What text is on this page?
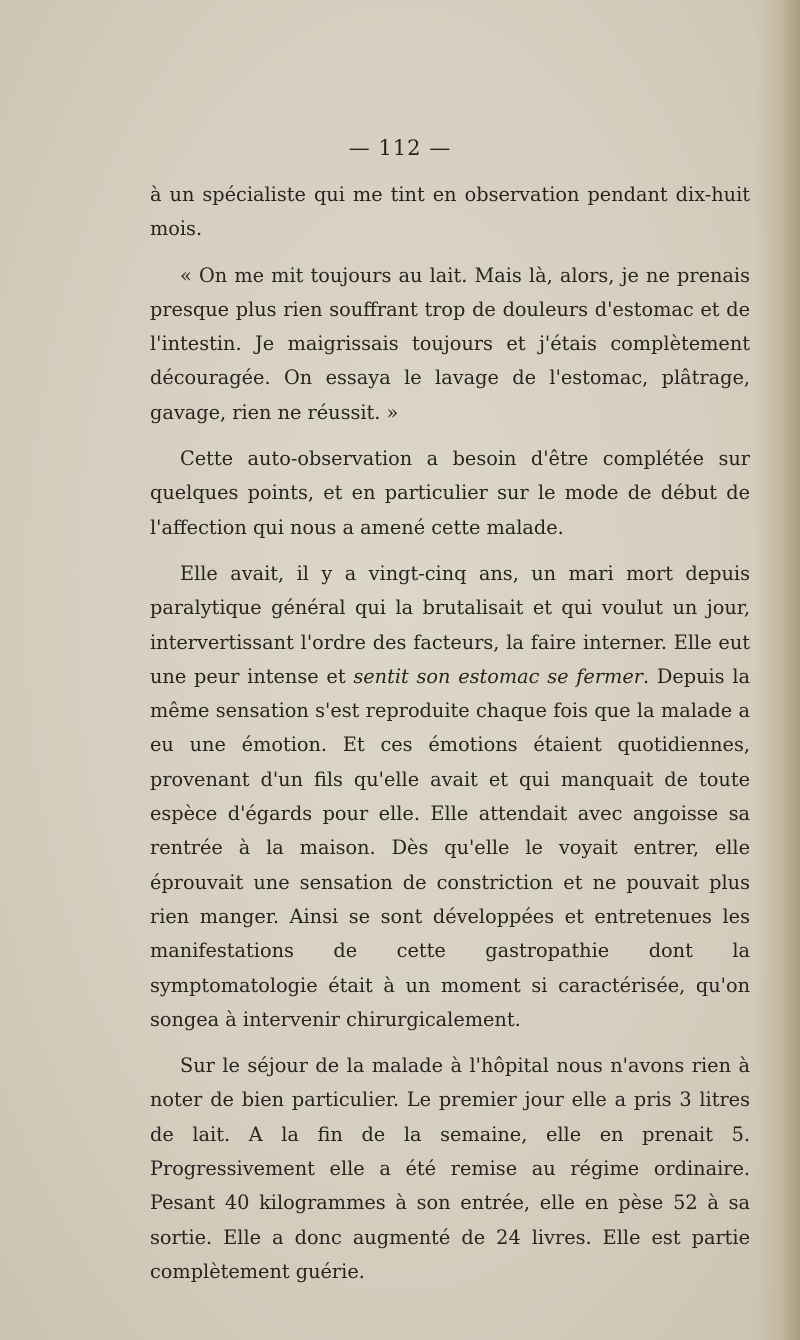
— 112 —

à un spécialiste qui me tint en observation pendant dix-huit mois.

« On me mit toujours au lait. Mais là, alors, je ne prenais presque plus rien souffrant trop de douleurs d'estomac et de l'intestin. Je maigrissais toujours et j'étais complètement découragée. On essaya le lavage de l'estomac, plâtrage, gavage, rien ne réussit. »

Cette auto-observation a besoin d'être complétée sur quelques points, et en particulier sur le mode de début de l'affection qui nous a amené cette malade.

Elle avait, il y a vingt-cinq ans, un mari mort depuis paralytique général qui la brutalisait et qui voulut un jour, intervertissant l'ordre des facteurs, la faire interner. Elle eut une peur intense et sentit son estomac se fermer. Depuis la même sensation s'est reproduite chaque fois que la malade a eu une émotion. Et ces émotions étaient quotidiennes, provenant d'un fils qu'elle avait et qui manquait de toute espèce d'égards pour elle. Elle attendait avec angoisse sa rentrée à la maison. Dès qu'elle le voyait entrer, elle éprouvait une sensation de constriction et ne pouvait plus rien manger. Ainsi se sont développées et entretenues les manifestations de cette gastropathie dont la symptomatologie était à un moment si caractérisée, qu'on songea à intervenir chirurgicalement.

Sur le séjour de la malade à l'hôpital nous n'avons rien à noter de bien particulier. Le premier jour elle a pris 3 litres de lait. A la fin de la semaine, elle en prenait 5. Progressivement elle a été remise au régime ordinaire. Pesant 40 kilogrammes à son entrée, elle en pèse 52 à sa sortie. Elle a donc augmenté de 24 livres. Elle est partie complètement guérie.
